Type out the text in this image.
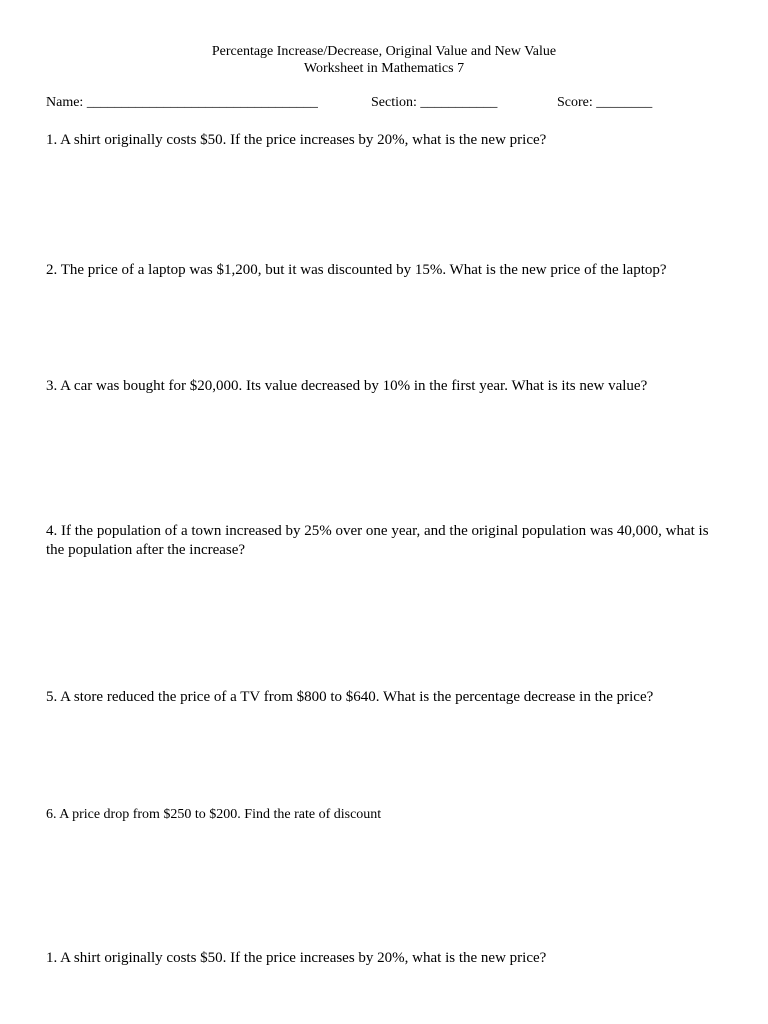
Percentage Increase/Decrease, Original Value and New Value
Worksheet in Mathematics 7
Name: _________________________________	Section: ___________	Score: ________
1. A shirt originally costs $50. If the price increases by 20%, what is the new price?
2. The price of a laptop was $1,200, but it was discounted by 15%. What is the new price of the laptop?
3. A car was bought for $20,000. Its value decreased by 10% in the first year. What is its new value?
4. If the population of a town increased by 25% over one year, and the original population was 40,000, what is the population after the increase?
5. A store reduced the price of a TV from $800 to $640. What is the percentage decrease in the price?
6. A price drop from $250 to $200. Find the rate of discount
1. A shirt originally costs $50. If the price increases by 20%, what is the new price?
